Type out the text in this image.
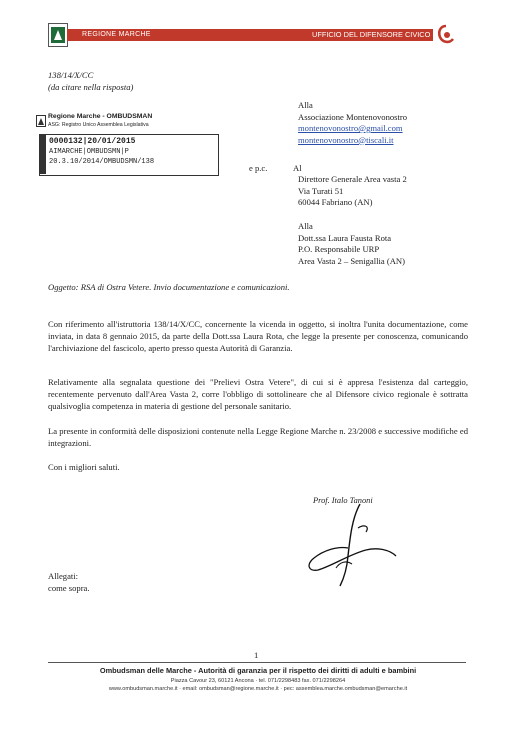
REGIONE MARCHE	UFFICIO DEL DIFENSORE CIVICO
138/14/X/CC
(da citare nella risposta)
Regione Marche - OMBUDSMAN
ASG: Registro Unico Assemblea Legislativa
0000132|20/01/2015
AIMARCHE|OMBUDSMN|P
20.3.10/2014/OMBUDSMN/138
Alla
Associazione Montenovonostro
montenovonostro@gmail.com
montenovonostro@tiscali.it
e p.c.	Al
Direttore Generale Area vasta 2
Via Turati 51
60044 Fabriano (AN)
Alla
Dott.ssa Laura Fausta Rota
P.O. Responsabile URP
Area Vasta 2 – Senigallia (AN)
Oggetto: RSA di Ostra Vetere. Invio documentazione e comunicazioni.
Con riferimento all'istruttoria 138/14/X/CC, concernente la vicenda in oggetto, si inoltra l'unita documentazione, come inviata, in data 8 gennaio 2015, da parte della Dott.ssa Laura Rota, che legge la presente per conoscenza, comunicando l'archiviazione del fascicolo, aperto presso questa Autorità di Garanzia.
Relativamente alla segnalata questione dei "Prelievi Ostra Vetere", di cui si è appresa l'esistenza dal carteggio, recentemente pervenuto dall'Area Vasta 2, corre l'obbligo di sottolineare che al Difensore civico regionale è sottratta qualsivoglia competenza in materia di gestione del personale sanitario.
La presente in conformità delle disposizioni contenute nella Legge Regione Marche n. 23/2008 e successive modifiche ed integrazioni.
Con i migliori saluti.
Prof. Italo Tanoni
Allegati:
come sopra.
1
Ombudsman delle Marche - Autorità di garanzia per il rispetto dei diritti di adulti e bambini
Piazza Cavour 23, 60121 Ancona · tel. 071/2298483 fax. 071/2298264
www.ombudsman.marche.it · email: ombudsman@regione.marche.it · pec: assemblea.marche.ombudsman@emarche.it
